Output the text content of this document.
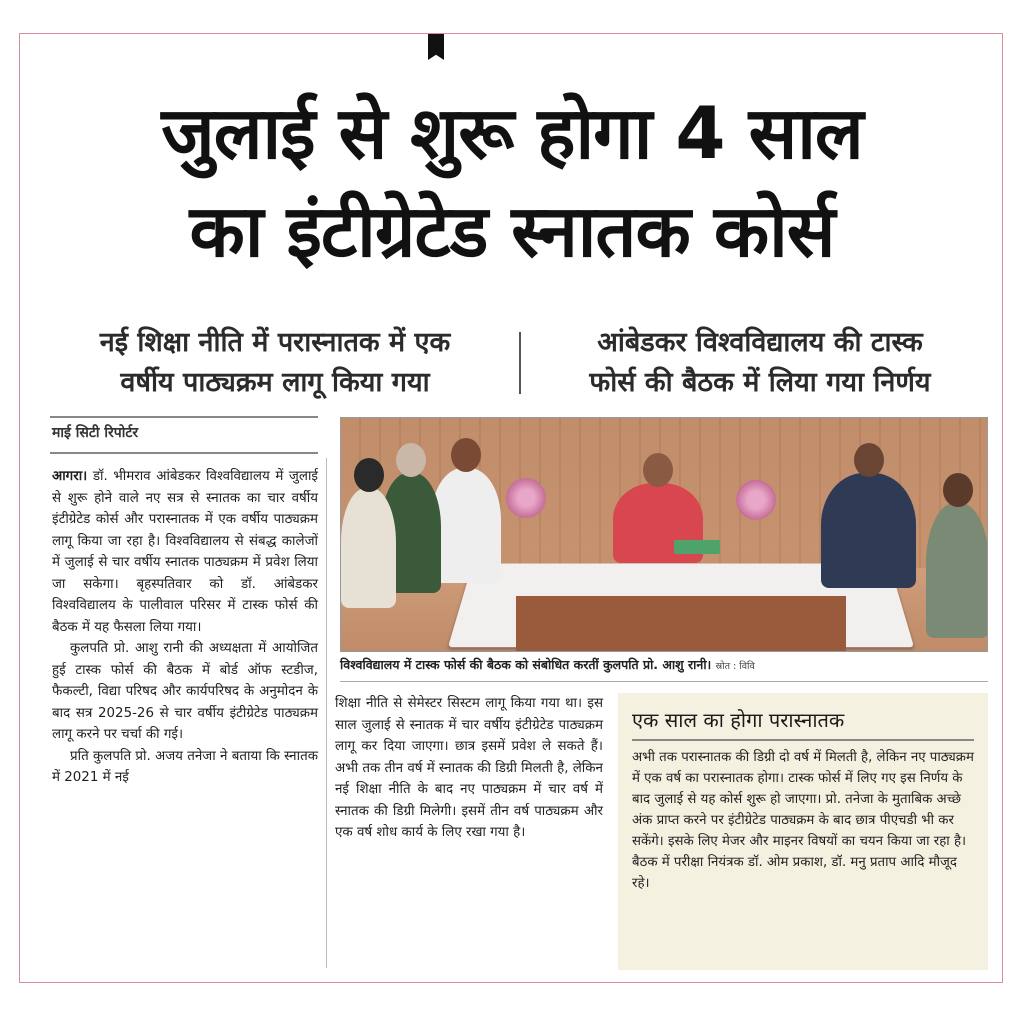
जुलाई से शुरू होगा 4 साल
का इंटीग्रेटेड स्नातक कोर्स
नई शिक्षा नीति में परास्नातक में एक
वर्षीय पाठ्यक्रम लागू किया गया
आंबेडकर विश्वविद्यालय की टास्क
फोर्स की बैठक में लिया गया निर्णय

माई सिटी रिपोर्टर

आगरा। डॉ. भीमराव आंबेडकर विश्वविद्यालय में जुलाई से शुरू होने वाले नए सत्र से स्नातक का चार वर्षीय इंटीग्रेटेड कोर्स और परास्नातक में एक वर्षीय पाठ्यक्रम लागू किया जा रहा है। विश्वविद्यालय से संबद्ध कालेजों में जुलाई से चार वर्षीय स्नातक पाठ्यक्रम में प्रवेश लिया जा सकेगा। बृहस्पतिवार को डॉ. आंबेडकर विश्वविद्यालय के पालीवाल परिसर में टास्क फोर्स की बैठक में यह फैसला लिया गया।

कुलपति प्रो. आशु रानी की अध्यक्षता में आयोजित हुई टास्क फोर्स की बैठक में बोर्ड ऑफ स्टडीज, फैकल्टी, विद्या परिषद और कार्यपरिषद के अनुमोदन के बाद सत्र 2025-26 से चार वर्षीय इंटीग्रेटेड पाठ्यक्रम लागू करने पर चर्चा की गई।

प्रति कुलपति प्रो. अजय तनेजा ने बताया कि स्नातक में 2021 में नई

विश्वविद्यालय में टास्क फोर्स की बैठक को संबोधित करतीं कुलपति प्रो. आशु रानी। स्रोत : विवि

शिक्षा नीति से सेमेस्टर सिस्टम लागू किया गया था। इस साल जुलाई से स्नातक में चार वर्षीय इंटीग्रेटेड पाठ्यक्रम लागू कर दिया जाएगा। छात्र इसमें प्रवेश ले सकते हैं। अभी तक तीन वर्ष में स्नातक की डिग्री मिलती है, लेकिन नई शिक्षा नीति के बाद नए पाठ्यक्रम में चार वर्ष में स्नातक की डिग्री मिलेगी। इसमें तीन वर्ष पाठ्यक्रम और एक वर्ष शोध कार्य के लिए रखा गया है।

एक साल का होगा परास्नातक

अभी तक परास्नातक की डिग्री दो वर्ष में मिलती है, लेकिन नए पाठ्यक्रम में एक वर्ष का परास्नातक होगा। टास्क फोर्स में लिए गए इस निर्णय के बाद जुलाई से यह कोर्स शुरू हो जाएगा। प्रो. तनेजा के मुताबिक अच्छे अंक प्राप्त करने पर इंटीग्रेटेड पाठ्यक्रम के बाद छात्र पीएचडी भी कर सकेंगे। इसके लिए मेजर और माइनर विषयों का चयन किया जा रहा है। बैठक में परीक्षा नियंत्रक डॉ. ओम प्रकाश, डॉ. मनु प्रताप आदि मौजूद रहे।
